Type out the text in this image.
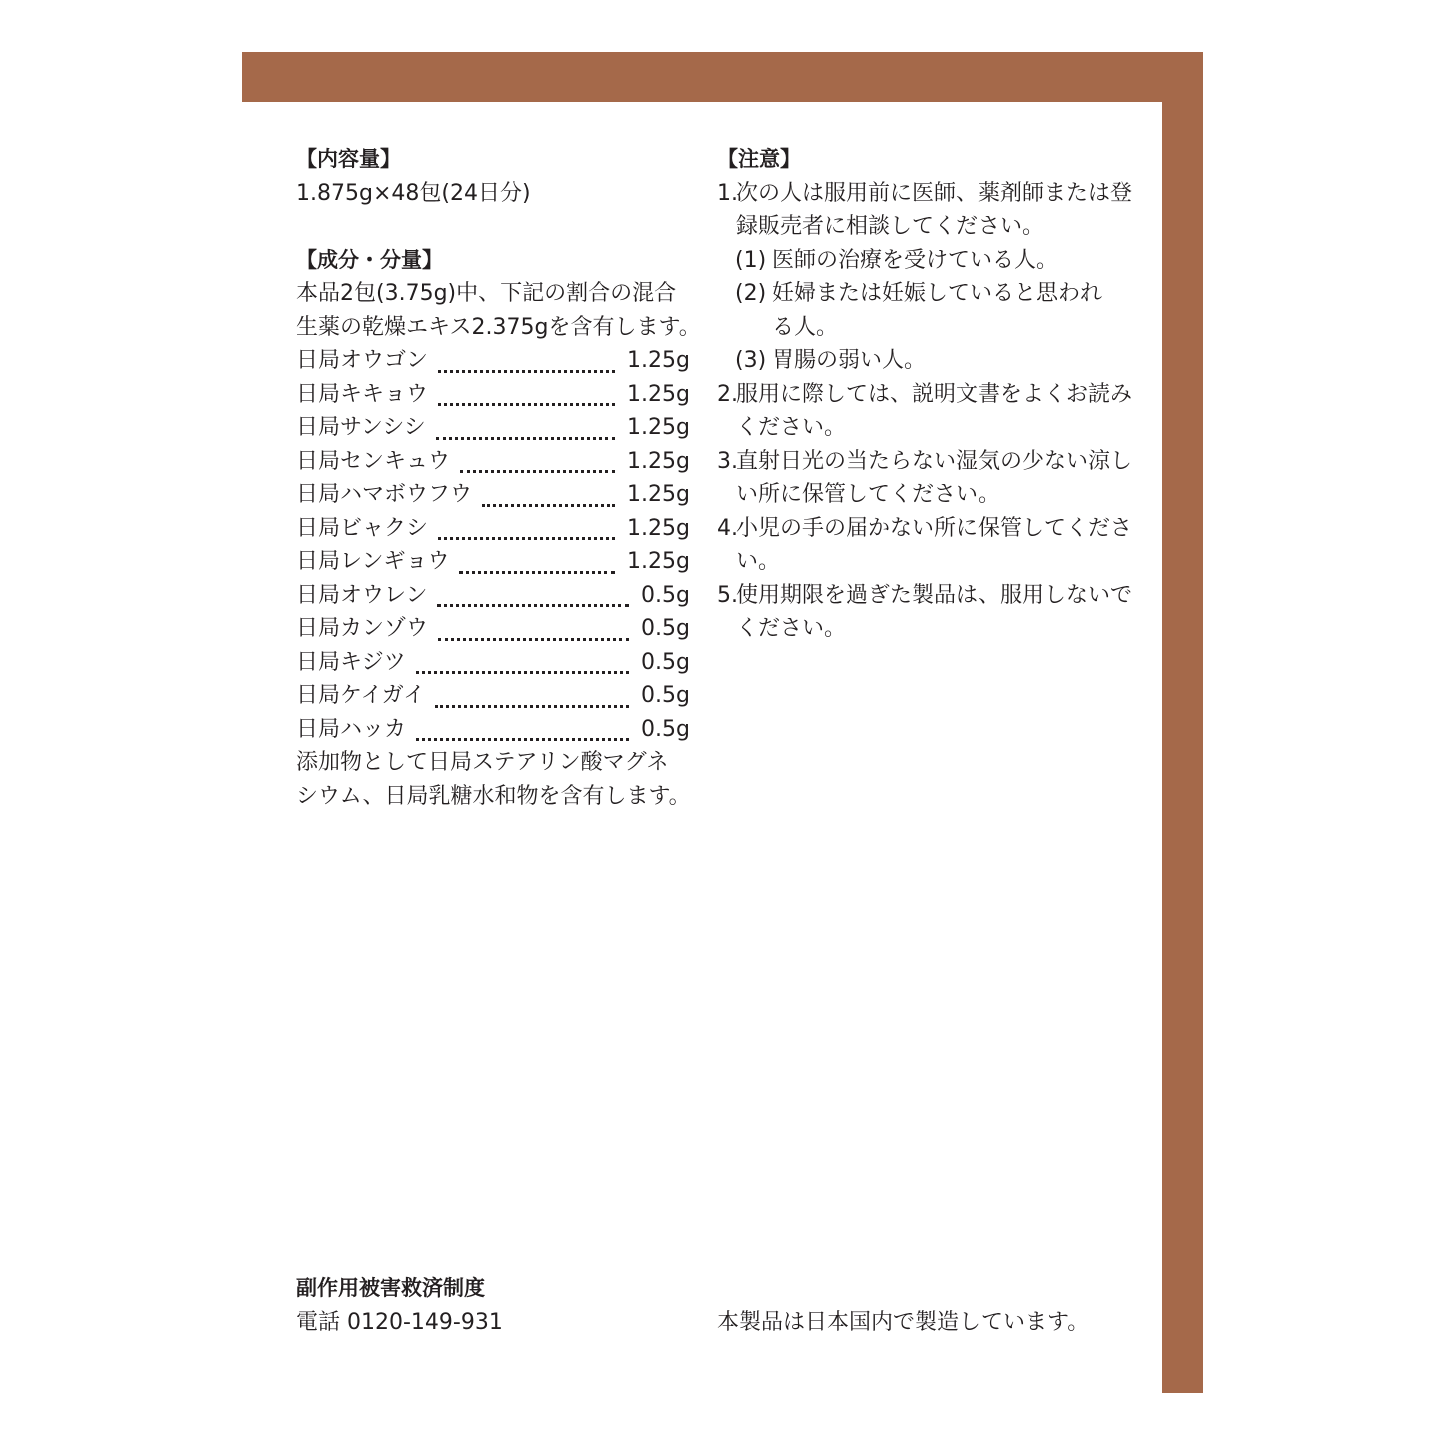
【内容量】
1.875g×48包(24日分)
【成分・分量】
本品2包(3.75g)中、下記の割合の混合
生薬の乾燥エキス2.375gを含有します。
日局オウゴン	1.25g
日局キキョウ	1.25g
日局サンシシ	1.25g
日局センキュウ	1.25g
日局ハマボウフウ	1.25g
日局ビャクシ	1.25g
日局レンギョウ	1.25g
日局オウレン	0.5g
日局カンゾウ	0.5g
日局キジツ	0.5g
日局ケイガイ	0.5g
日局ハッカ	0.5g
添加物として日局ステアリン酸マグネ
シウム、日局乳糖水和物を含有します。
【注意】
1.
次の人は服用前に医師、薬剤師または登録販売者に相談してください。
(1) 医師の治療を受けている人。
(2) 妊婦または妊娠していると思われる人。
(3) 胃腸の弱い人。
2.
服用に際しては、説明文書をよくお読みください。
3.
直射日光の当たらない湿気の少ない涼しい所に保管してください。
4.
小児の手の届かない所に保管してください。
5.
使用期限を過ぎた製品は、服用しないでください。
副作用被害救済制度
電話 0120-149-931	本製品は日本国内で製造しています。
